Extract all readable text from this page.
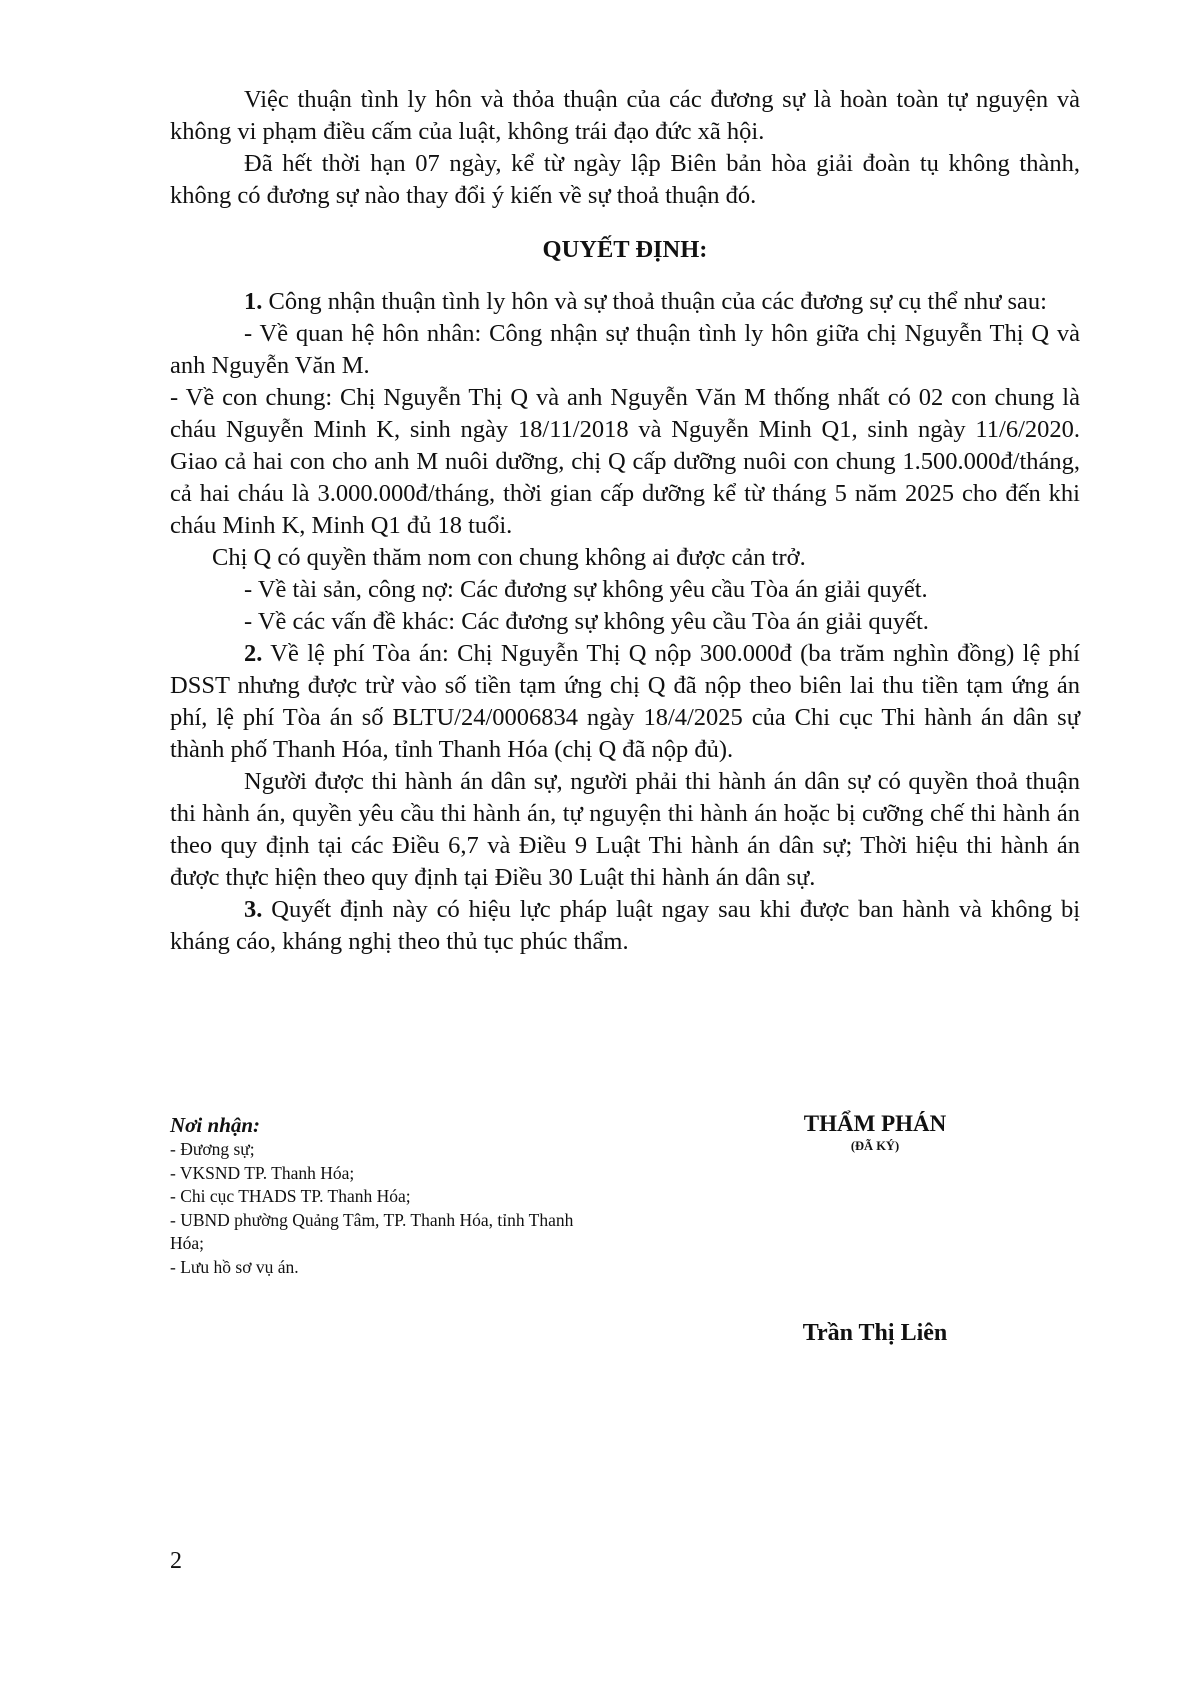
Việc thuận tình ly hôn và thỏa thuận của các đương sự là hoàn toàn tự nguyện và không vi phạm điều cấm của luật, không trái đạo đức xã hội.

Đã hết thời hạn 07 ngày, kể từ ngày lập Biên bản hòa giải đoàn tụ không thành, không có đương sự nào thay đổi ý kiến về sự thoả thuận đó.

QUYẾT ĐỊNH:

1. Công nhận thuận tình ly hôn và sự thoả thuận của các đương sự cụ thể như sau:

- Về quan hệ hôn nhân: Công nhận sự thuận tình ly hôn giữa chị Nguyễn Thị Q và anh Nguyễn Văn M.

- Về con chung: Chị Nguyễn Thị Q và anh Nguyễn Văn M thống nhất có 02 con chung là cháu Nguyễn Minh K, sinh ngày 18/11/2018 và Nguyễn Minh Q1, sinh ngày 11/6/2020. Giao cả hai con cho anh M nuôi dưỡng, chị Q cấp dưỡng nuôi con chung 1.500.000đ/tháng, cả hai cháu là 3.000.000đ/tháng, thời gian cấp dưỡng kể từ tháng 5 năm 2025 cho đến khi cháu Minh K, Minh Q1 đủ 18 tuổi.

Chị Q có quyền thăm nom con chung không ai được cản trở.

- Về tài sản, công nợ: Các đương sự không yêu cầu Tòa án giải quyết.

- Về các vấn đề khác: Các đương sự không yêu cầu Tòa án giải quyết.

2. Về lệ phí Tòa án: Chị Nguyễn Thị Q nộp 300.000đ (ba trăm nghìn đồng) lệ phí DSST nhưng được trừ vào số tiền tạm ứng chị Q đã nộp theo biên lai thu tiền tạm ứng án phí, lệ phí Tòa án số BLTU/24/0006834 ngày 18/4/2025 của Chi cục Thi hành án dân sự thành phố Thanh Hóa, tỉnh Thanh Hóa (chị Q đã nộp đủ).

Người được thi hành án dân sự, người phải thi hành án dân sự có quyền thoả thuận thi hành án, quyền yêu cầu thi hành án, tự nguyện thi hành án hoặc bị cưỡng chế thi hành án theo quy định tại các Điều 6,7 và Điều 9 Luật Thi hành án dân sự; Thời hiệu thi hành án được thực hiện theo quy định tại Điều 30 Luật thi hành án dân sự.

3. Quyết định này có hiệu lực pháp luật ngay sau khi được ban hành và không bị kháng cáo, kháng nghị theo thủ tục phúc thẩm.

Nơi nhận:
- Đương sự;
- VKSND TP. Thanh Hóa;
- Chi cục THADS TP. Thanh Hóa;
- UBND phường Quảng Tâm, TP. Thanh Hóa, tỉnh Thanh Hóa;
- Lưu hồ sơ vụ án.
THẨM PHÁN
(ĐÃ KÝ)
Trần Thị Liên
2
